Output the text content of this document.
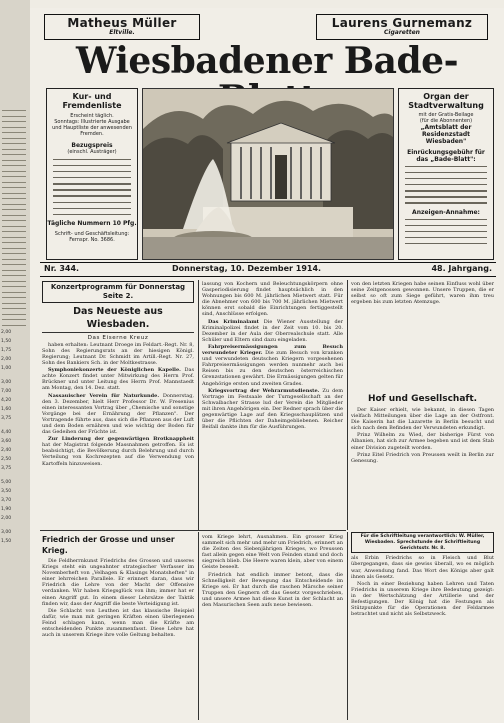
2,00
1,50
1,75
2,00
1,00
3,00
7,00
4,20
1,60
3,75
4,40
3,60
2,40
2,50
3,75
5,00
3,50
3,70
1,90
2,00
3,00
1,50
Matheus Müller
Eltville.
Laurens Gurnemanz
Cigaretten
Wiesbadener Bade-
Kur- und
Fremdenliste
Erscheint täglich.
Sonntags: Illustrierte Ausgabe
und Hauptliste der anwesenden Fremden.
Bezugspreis
(einschl. Austräger)
Tägliche Nummern 10 Pfg.
Schrift- und Geschäftsleitung: Fernspr. No. 3686.
Organ der
Stadtverwaltung
mit der Gratis-Beilage
(für die Abonnenten)
„Amtsblatt der Residenzstadt Wiesbaden"
Einrückungsgebühr für
das „Bade-Blatt":
Anzeigen-Annahme:
Nr. 344.	Donnerstag, 10. Dezember 1914.	48. Jahrgang.
Konzertprogramm für Donnerstag
Seite 2.
Das Neueste aus Wiesbaden.
Das Eiserne Kreuz

haben erhalten: Leutnant Droege im Feldart.-Regt. Nr. 8, Sohn des Regierungsrats an der hiesigen Königl. Regierung; Leutnant Dr. Schmidt im Artill.-Regt. Nr. 27, Sohn des Bankiers Sch. in der Moltkestrasse.

Symphoniekonzerte der Königlichen Kapelle. Das achte Konzert findet unter Mitwirkung des Herrn Prof. Brückner und unter Leitung des Herrn Prof. Mannstaedt am Montag, den 14. Dez. statt.

Nassauischer Verein für Naturkunde. Donnerstag, den 3. Dezember, hielt Herr Professor Dr. W. Fresenius einen interessanten Vortrag über „Chemische und sonstige Vorgänge bei der Ernährung der Pflanzen". Der Vortragende führte aus, dass sich die Pflanzen aus der Luft und dem Boden ernähren und wie wichtig der Boden für das Gedeihen der Früchte ist.

Zur Linderung der gegenwärtigen Brotknappheit hat der Magistrat folgende Massnahmen getroffen. Es ist beabsichtigt, die Bevölkerung durch Belehrung und durch Verteilung von Kochrezepten auf die Verwendung von Kartoffeln hinzuweisen.

lassung von Kochern und Beleuchtungskörpern ohne Gasperiodisierung findet hauptsächlich in den Wohnungen bis 600 M. jährlichen Mietwert statt. Für die Abnehmer von 600 bis 700 M. jährlichen Mietwert können erst sobald die Einrichtungen fertiggestellt sind, Anschlüsse erfolgen.

Das Kriminalamt Die Wiener Ausstellung der Kriminalpolizei findet in der Zeit vom 10. bis 20. Dezember in der Aula der Oberrealschule statt. Alle Schüler und Eltern sind dazu eingeladen.

Fahrpreisermässigungen zum Besuch verwundeter Krieger. Die zum Besuch von kranken und verwundeten deutschen Kriegern vorgesehenen Fahrpreisermässigungen werden nunmehr auch bei Reisen bis zu den deutschen österreichischen Grenzstationen gewährt. Die Ermässigungen gelten für Angehörige ersten und zweiten Grades.

Kriegsvortrag der Wehrarmutsdienste. Zu dem Vortrage im Festsaale der Turngesellschaft an der Schwalbacher Strasse lud der Verein die Mitglieder mit ihren Angehörigen ein. Der Redner sprach über die gegenwärtige Lage auf den Kriegsschauplätzen und über die Pflichten der Daheimgebliebenen. Reicher Beifall dankte ihm für die Ausführungen.

von den letzten Kriegen habe seinen Einfluss wohl über seine Zeitgenossen gewonnen. Unsere Truppen, die er selbst so oft zum Siege geführt, waren ihm treu ergeben bis zum letzten Atemzuge.
Hof und Gesellschaft.

Der Kaiser erhielt, wie bekannt, in diesen Tagen vielfach Mitteilungen über die Lage an der Ostfront. Die Kaiserin hat die Lazarette in Berlin besucht und sich nach dem Befinden der Verwundeten erkundigt.

Prinz Wilhelm zu Wied, der bisherige Fürst von Albanien, hat sich zur Armee begeben und ist dem Stab einer Division zugeteilt worden.

Prinz Eitel Friedrich von Preussen weilt in Berlin zur Genesung.

Friedrich der Grosse und unser Krieg.

Die Feldherrnkunst Friedrichs des Grossen und unseres Kriegs steht ein ungeahnter strategischer Verfasser im Novemberheft von „Velhagen & Klasings Monatsheften" in einer lehrreichen Parallele. Er erinnert daran, dass wir Friedrich die Lehre von der Macht der Offensive verdanken. Wir haben Kriegsglück von ihm; immer hat er einen Angriff gut. In einem dieser Lehrsätze der Taktik finden wir, dass der Angriff die beste Verteidigung ist.

Die Schlacht von Leuthen ist das klassische Beispiel dafür, wie man mit geringen Kräften einen überlegenen Feind schlagen kann, wenn man die Kräfte am entscheidenden Punkte zusammenfasst. Diese Lehre hat auch in unserem Kriege ihre volle Geltung behalten.

vom Kriege lehrt, Ausnahmen. Ein grosser Krieg sammelt sich mehr und mehr um Friedrich, erinnert an die Zeiten des Siebenjährigen Krieges, wo Preussen fast allein gegen eine Welt von Feinden stand und doch siegreich blieb. Die Heere waren klein, aber von einem Geiste beseelt.

Friedrich hat endlich immer betont, dass die Schnelligkeit der Bewegung das Entscheidende im Kriege sei. Er hat durch die raschen Märsche seiner Truppen den Gegnern oft das Gesetz vorgeschrieben, und unsere Armee hat diese Kunst in der Schlacht an den Masurischen Seen aufs neue bewiesen.

Für die Schriftleitung verantwortlich: W. Müller, Wiesbaden. Sprechstunde der Schriftleitung Gerichtsstr. Nr. 8.

als Erbin Friedrichs so in Fleisch und Blut übergegangen, dass sie gewiss überall, wo es möglich war, Anwendung fand. Das Wort des Königs aber galt ihnen als Gesetz.

Noch in einer Beziehung haben Lehren und Taten Friedrichs in unserem Kriege ihre Bedeutung gezeigt: in der Wertschätzung der Artillerie und der Befestigungen. Der König hat die Festungen als Stützpunkte für die Operationen der Feldarmee betrachtet und nicht als Selbstzweck.
